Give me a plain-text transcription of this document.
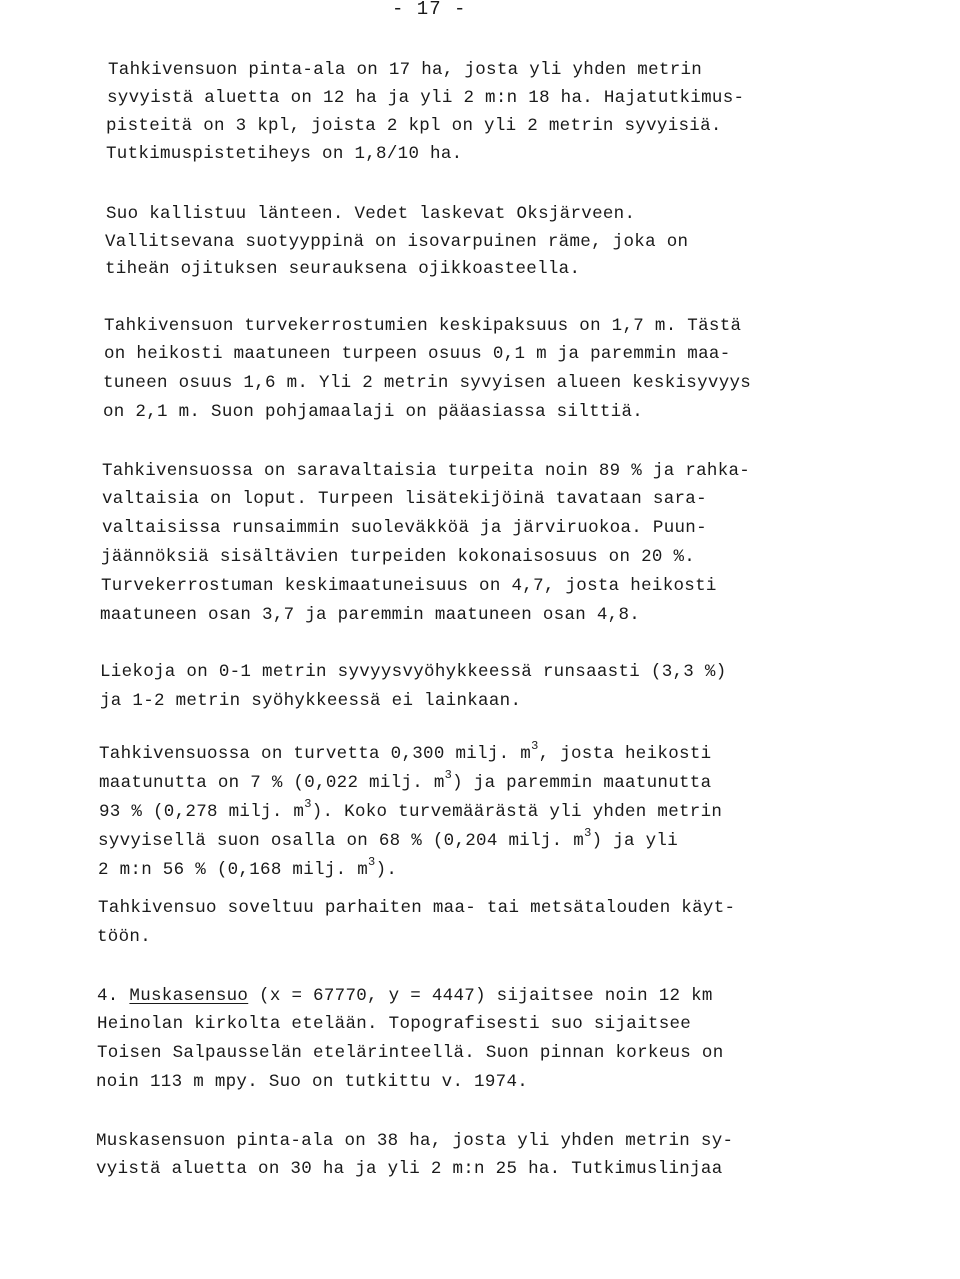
- 17 -
Tahkivensuon pinta-ala on 17 ha, josta yli yhden metrin
syvyistä aluetta on 12 ha ja yli 2 m:n 18 ha. Hajatutkimus-
pisteitä on 3 kpl, joista 2 kpl on yli 2 metrin syvyisiä.
Tutkimuspistetiheys on 1,8/10 ha.
Suo kallistuu länteen. Vedet laskevat Oksjärveen.
Vallitsevana suotyyppinä on isovarpuinen räme, joka on
tiheän ojituksen seurauksena ojikkoasteella.
Tahkivensuon turvekerrostumien keskipaksuus on 1,7 m. Tästä
on heikosti maatuneen turpeen osuus 0,1 m ja paremmin maa-
tuneen osuus 1,6 m. Yli 2 metrin syvyisen alueen keskisyvyys
on 2,1 m. Suon pohjamaalaji on pääasiassa silttiä.
Tahkivensuossa on saravaltaisia turpeita noin 89 % ja rahka-
valtaisia on loput. Turpeen lisätekijöinä tavataan sara-
valtaisissa runsaimmin suoleväkköä ja järviruokoa. Puun-
jäännöksiä sisältävien turpeiden kokonaisosuus on 20 %.
Turvekerrostuman keskimaatuneisuus on 4,7, josta heikosti
maatuneen osan 3,7 ja paremmin maatuneen osan 4,8.
Liekoja on 0-1 metrin syvyysvyöhykkeessä runsaasti (3,3 %)
ja 1-2 metrin syöhykkeessä ei lainkaan.
Tahkivensuossa on turvetta 0,300 milj. $m^3$, josta heikosti
maatunutta on 7 % (0,022 milj. $m^3$) ja paremmin maatunutta
93 % (0,278 milj. $m^3$). Koko turvemäärästä yli yhden metrin
syvyisellä suon osalla on 68 % (0,204 milj. $m^3$) ja yli
2 m:n 56 % (0,168 milj. $m^3$).
Tahkivensuo soveltuu parhaiten maa- tai metsätalouden käyt-
töön.
4. Muskasensuo (x = 67770, y = 4447) sijaitsee noin 12 km
Heinolan kirkolta etelään. Topografisesti suo sijaitsee
Toisen Salpausselän etelärinteellä. Suon pinnan korkeus on
noin 113 m mpy. Suo on tutkittu v. 1974.
Muskasensuon pinta-ala on 38 ha, josta yli yhden metrin sy-
vyistä aluetta on 30 ha ja yli 2 m:n 25 ha. Tutkimuslinjaa
